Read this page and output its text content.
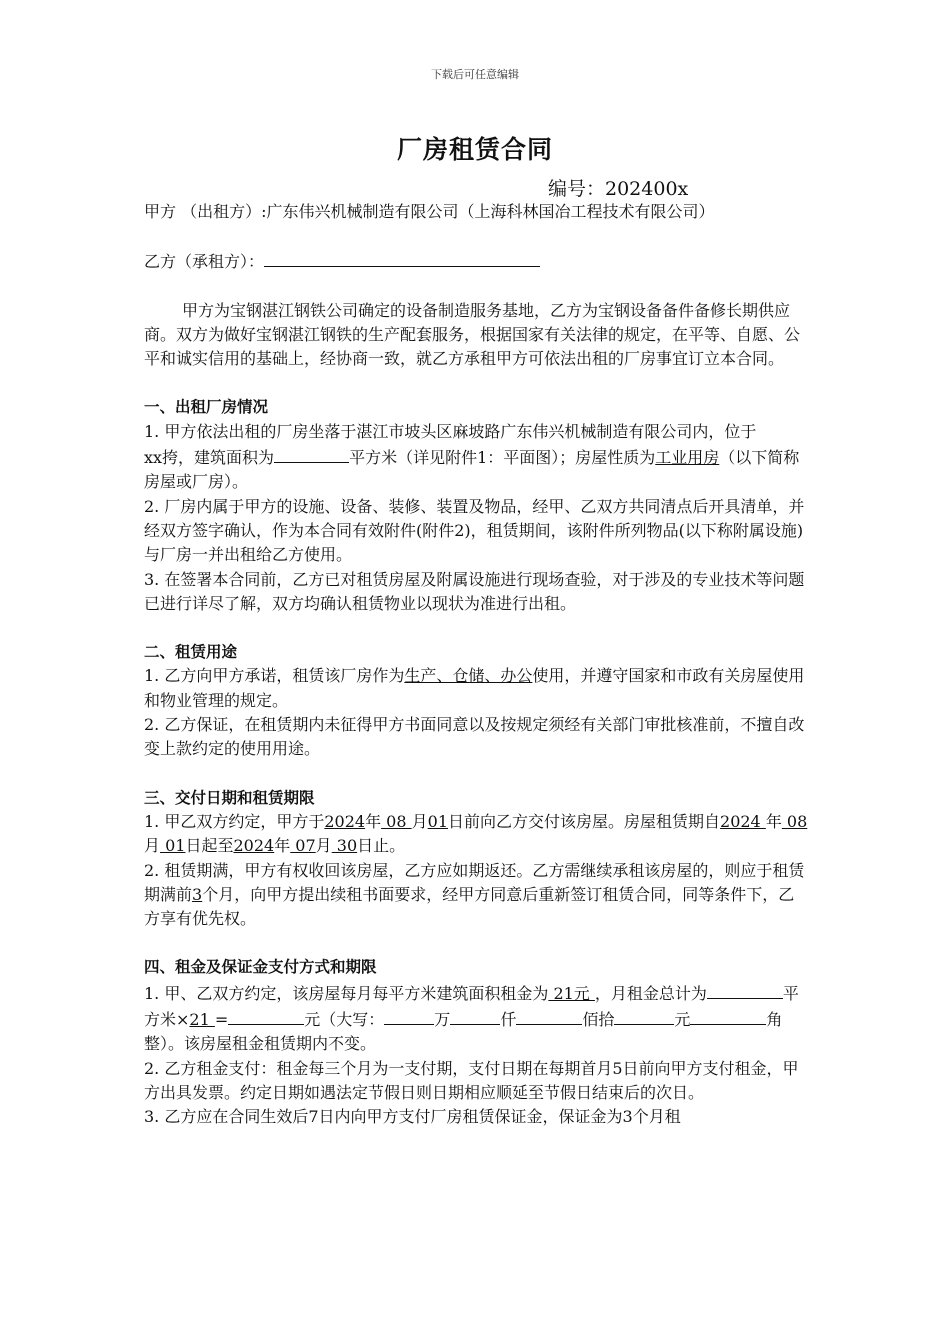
下载后可任意编辑
厂房租赁合同
编号：202400x

甲方 （出租方）:广东伟兴机械制造有限公司（上海科林国冶工程技术有限公司）

乙方（承租方）：

甲方为宝钢湛江钢铁公司确定的设备制造服务基地，乙方为宝钢设备备件备修长期供应商。双方为做好宝钢湛江钢铁的生产配套服务，根据国家有关法律的规定，在平等、自愿、公平和诚实信用的基础上，经协商一致，就乙方承租甲方可依法出租的厂房事宜订立本合同。

一、出租厂房情况

1. 甲方依法出租的厂房坐落于湛江市坡头区麻坡路广东伟兴机械制造有限公司内，位于xx挎，建筑面积为	平方米（详见附件1：平面图）；房屋性质为工业用房（以下简称房屋或厂房）。

2. 厂房内属于甲方的设施、设备、装修、装置及物品，经甲、乙双方共同清点后开具清单，并经双方签字确认，作为本合同有效附件(附件2)，租赁期间，该附件所列物品(以下称附属设施)与厂房一并出租给乙方使用。

3. 在签署本合同前，乙方已对租赁房屋及附属设施进行现场查验，对于涉及的专业技术等问题已进行详尽了解，双方均确认租赁物业以现状为准进行出租。

二、租赁用途

1. 乙方向甲方承诺，租赁该厂房作为生产、仓储、办公使用，并遵守国家和市政有关房屋使用和物业管理的规定。

2. 乙方保证，在租赁期内未征得甲方书面同意以及按规定须经有关部门审批核准前，不擅自改变上款约定的使用用途。

三、交付日期和租赁期限

1. 甲乙双方约定，甲方于2024年 08 月01日前向乙方交付该房屋。房屋租赁期自2024 年 08月 01日起至2024年 07月 30日止。

2. 租赁期满，甲方有权收回该房屋，乙方应如期返还。乙方需继续承租该房屋的，则应于租赁期满前3个月，向甲方提出续租书面要求，经甲方同意后重新签订租赁合同，同等条件下，乙方享有优先权。

四、租金及保证金支付方式和期限

1. 甲、乙双方约定，该房屋每月每平方米建筑面积租金为 21元 ，月租金总计为	平方米×21 =	元（大写：	万	仟	佰拾	元	角整）。该房屋租金租赁期内不变。

2. 乙方租金支付：租金每三个月为一支付期，支付日期在每期首月5日前向甲方支付租金，甲方出具发票。约定日期如遇法定节假日则日期相应顺延至节假日结束后的次日。

3. 乙方应在合同生效后7日内向甲方支付厂房租赁保证金，保证金为3个月租
